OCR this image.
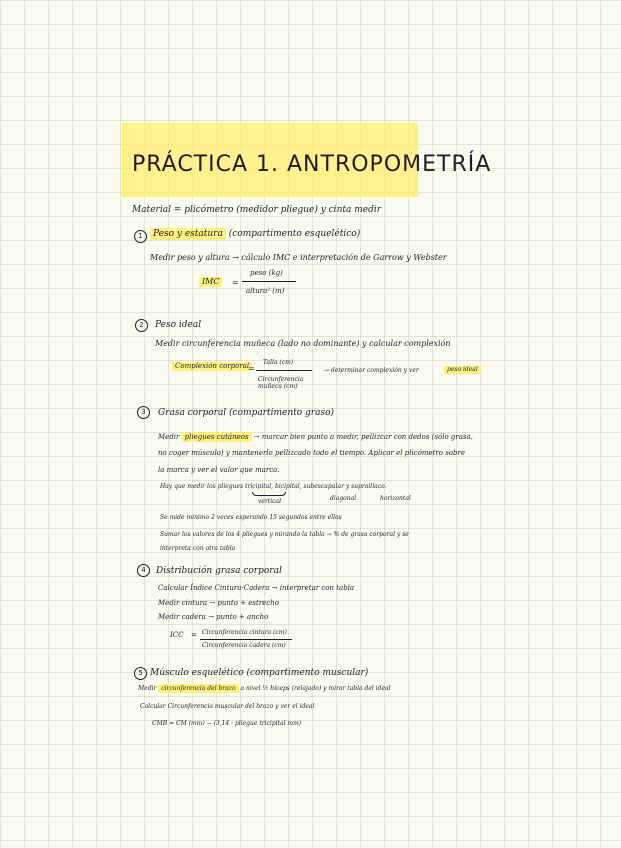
PRÁCTICA 1. ANTROPOMETRÍA
Material = plicómetro (medidor pliegue) y cinta medir
1	Peso y estatura (compartimento esquelético)
Medir peso y altura → cálculo IMC e interpretación de Garrow y Webster
IMC	=
peso (kg)
altura² (m)
2	Peso ideal
Medir circunferencia muñeca (lado no dominante) y calcular complexión
Complexión corporal
=
Talla (cm)
Circunferencia muñeca (cm)
→ determinar complexión y ver	peso ideal
3	Grasa corporal (compartimento graso)
Medir pliegues cutáneos → marcar bien punto a medir, pellizcar con dedos (sólo grasa,
no coger músculo) y mantenerlo pellizcado todo el tiempo. Aplicar el plicómetro sobre
la marca y ver el valor que marca.
Hay que medir los pliegues tricipital, bicipital, subescapular y suprailíaco.
vertical	diagonal	horizontal
Se mide mínimo 2 veces esperando 15 segundos entre ellas
Sumar los valores de los 4 pliegues y mirando la tabla → % de grasa corporal y se
interpreta con otra tabla
4	Distribución grasa corporal
Calcular Índice Cintura-Cadera → interpretar con tabla
Medir cintura → punto + estrecho
Medir cadera → punto + ancho
ICC = Circunferencia cintura (cm)
Circunferencia cadera (cm)
5 Músculo esquelético (compartimento muscular)
Medir circunferencia del brazo a nivel ½ bíceps (relajado) y mirar tabla del ideal
Calcular Circunferencia muscular del brazo y ver el ideal
CMB = CM (mm) − (3,14 · pliegue tricipital mm)
